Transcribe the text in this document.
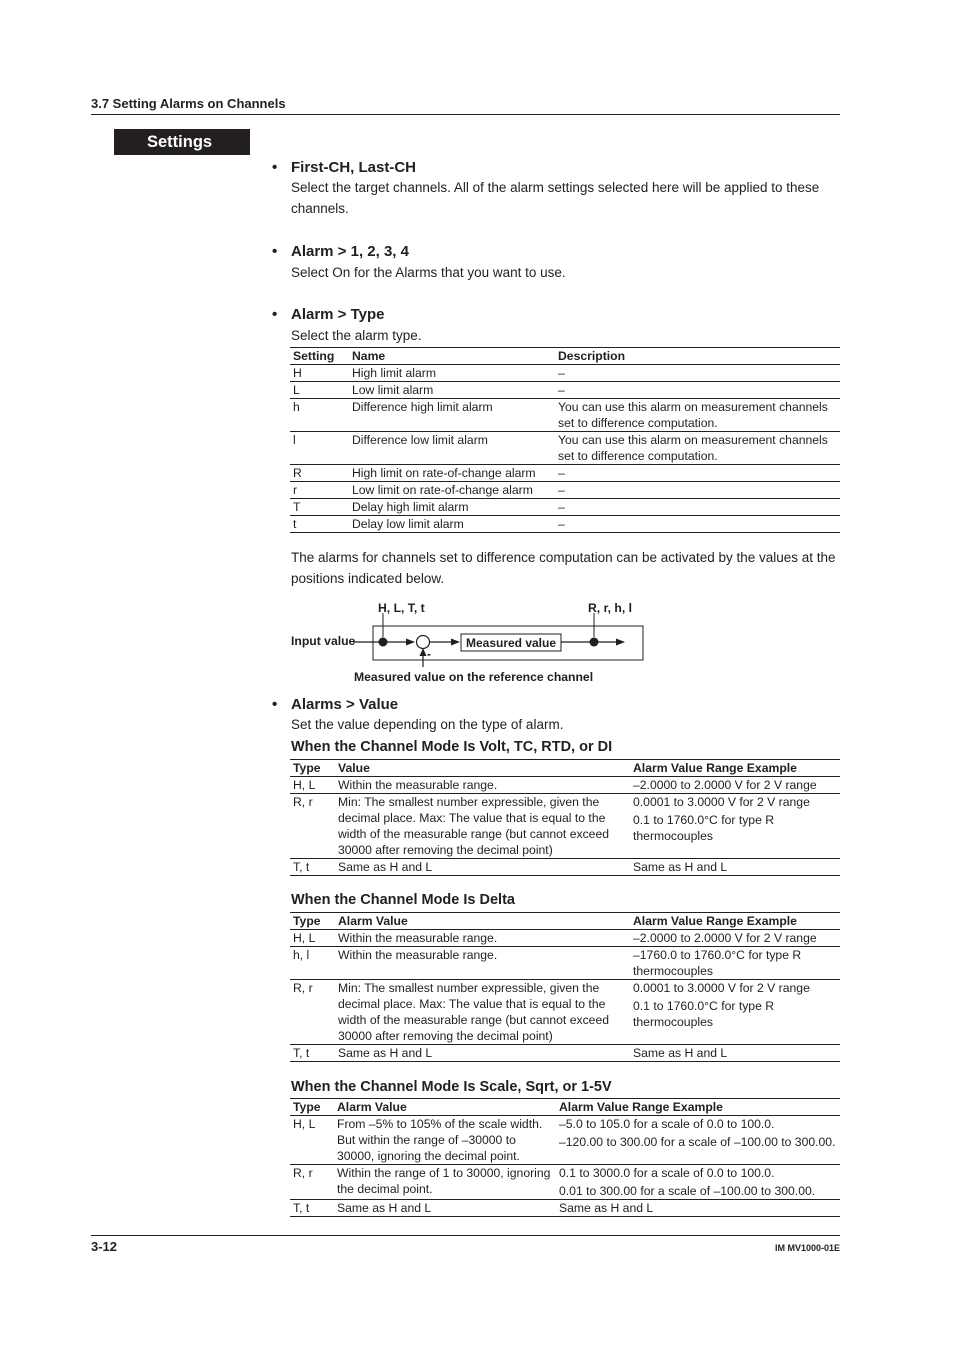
3.7 Setting Alarms on Channels
Settings
• First-CH, Last-CH
Select the target channels. All of the alarm settings selected here will be applied to these channels.
• Alarm > 1, 2, 3, 4
Select On for the Alarms that you want to use.
• Alarm > Type
Select the alarm type.
Setting	Name	Description
H	High limit alarm	–
L	Low limit alarm	–
h	Difference high limit alarm	You can use this alarm on measurement channels set to difference computation.
l	Difference low limit alarm	You can use this alarm on measurement channels set to difference computation.
R	High limit on rate-of-change alarm	–
r	Low limit on rate-of-change alarm	–
T	Delay high limit alarm	–
t	Delay low limit alarm	–
The alarms for channels set to difference computation can be activated by the values at the positions indicated below.
Measured value
-
H, L, T, t	R, r, h, l
Input value
Measured value on the reference channel
• Alarms > Value
Set the value depending on the type of alarm.
When the Channel Mode Is Volt, TC, RTD, or DI
Type	Value	Alarm Value Range Example
H, L	Within the measurable range.	–2.0000 to 2.0000 V for 2 V range

R, r	Min: The smallest number expressible, given the decimal place. Max: The value that is equal to the width of the measurable range (but cannot exceed 30000 after removing the decimal point)	0.0001 to 3.0000 V for 2 V range

0.1 to 1760.0°C for type R thermocouples

T, t	Same as H and L	Same as H and L

When the Channel Mode Is Delta
Type	Alarm Value	Alarm Value Range Example
H, L	Within the measurable range.	–2.0000 to 2.0000 V for 2 V range

h, l	Within the measurable range.	–1760.0 to 1760.0°C for type R thermocouples

R, r	Min: The smallest number expressible, given the decimal place. Max: The value that is equal to the width of the measurable range (but cannot exceed 30000 after removing the decimal point)	0.0001 to 3.0000 V for 2 V range

0.1 to 1760.0°C for type R thermocouples

T, t	Same as H and L	Same as H and L

When the Channel Mode Is Scale, Sqrt, or 1-5V
Type	Alarm Value	Alarm Value Range Example
H, L	From –5% to 105% of the scale width. But within the range of –30000 to 30000, ignoring the decimal point.	–5.0 to 105.0 for a scale of 0.0 to 100.0.

–120.00 to 300.00 for a scale of –100.00 to 300.00.

R, r	Within the range of 1 to 30000, ignoring the decimal point.	0.1 to 3000.0 for a scale of 0.0 to 100.0.

0.01 to 300.00 for a scale of –100.00 to 300.00.

T, t	Same as H and L	Same as H and L

3-12	IM MV1000-01E
